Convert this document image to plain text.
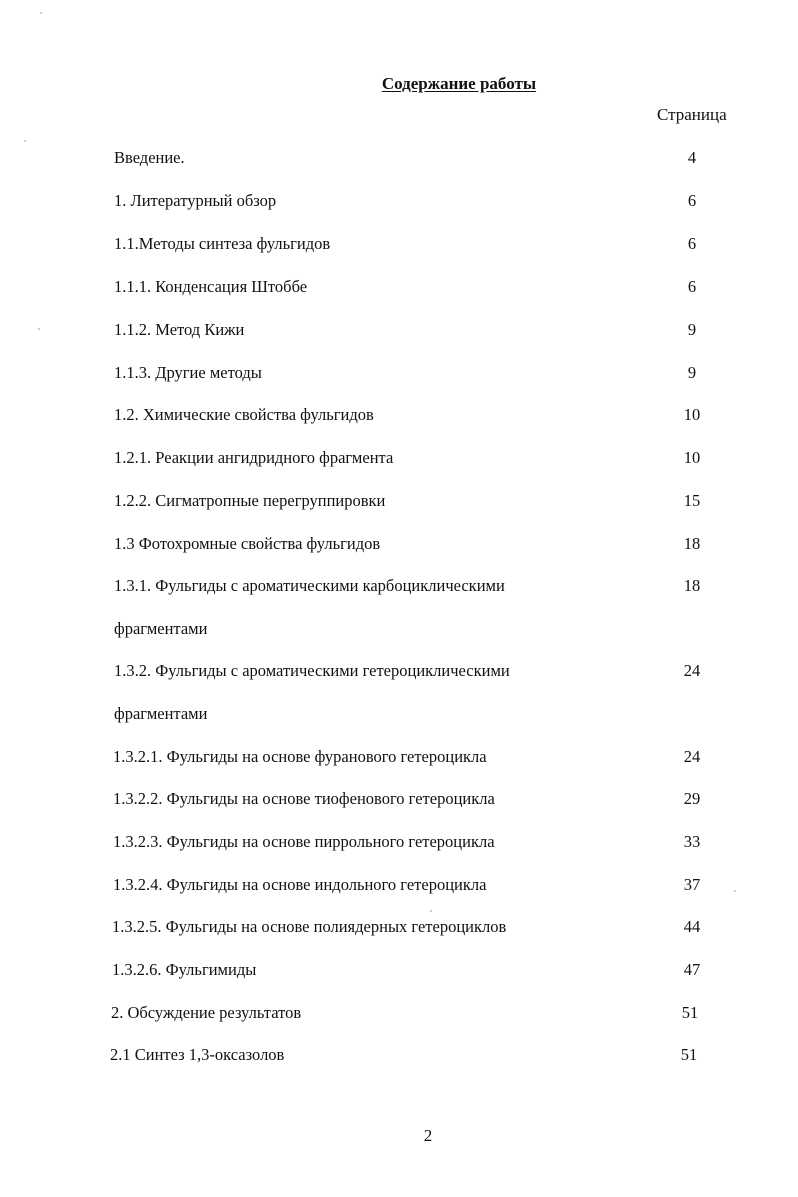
Содержание работы
Страница
Введение.	4
1. Литературный обзор	6
1.1.Методы синтеза фульгидов	6
1.1.1. Конденсация Штоббе	6
1.1.2. Метод Кижи	9
1.1.3. Другие методы	9
1.2. Химические свойства фульгидов	10
1.2.1. Реакции ангидридного фрагмента	10
1.2.2. Сигматропные перегруппировки	15
1.3 Фотохромные свойства фульгидов	18
1.3.1. Фульгиды с ароматическими карбоциклическими	18
фрагментами
1.3.2. Фульгиды с ароматическими гетероциклическими	24
фрагментами
1.3.2.1. Фульгиды на основе фуранового гетероцикла	24
1.3.2.2. Фульгиды на основе тиофенового гетероцикла	29
1.3.2.3. Фульгиды на основе пиррольного гетероцикла	33
1.3.2.4. Фульгиды на основе индольного гетероцикла	37
1.3.2.5. Фульгиды на основе полиядерных гетероциклов	44
1.3.2.6. Фульгимиды	47
2. Обсуждение результатов	51
2.1 Синтез 1,3-оксазолов	51
2
